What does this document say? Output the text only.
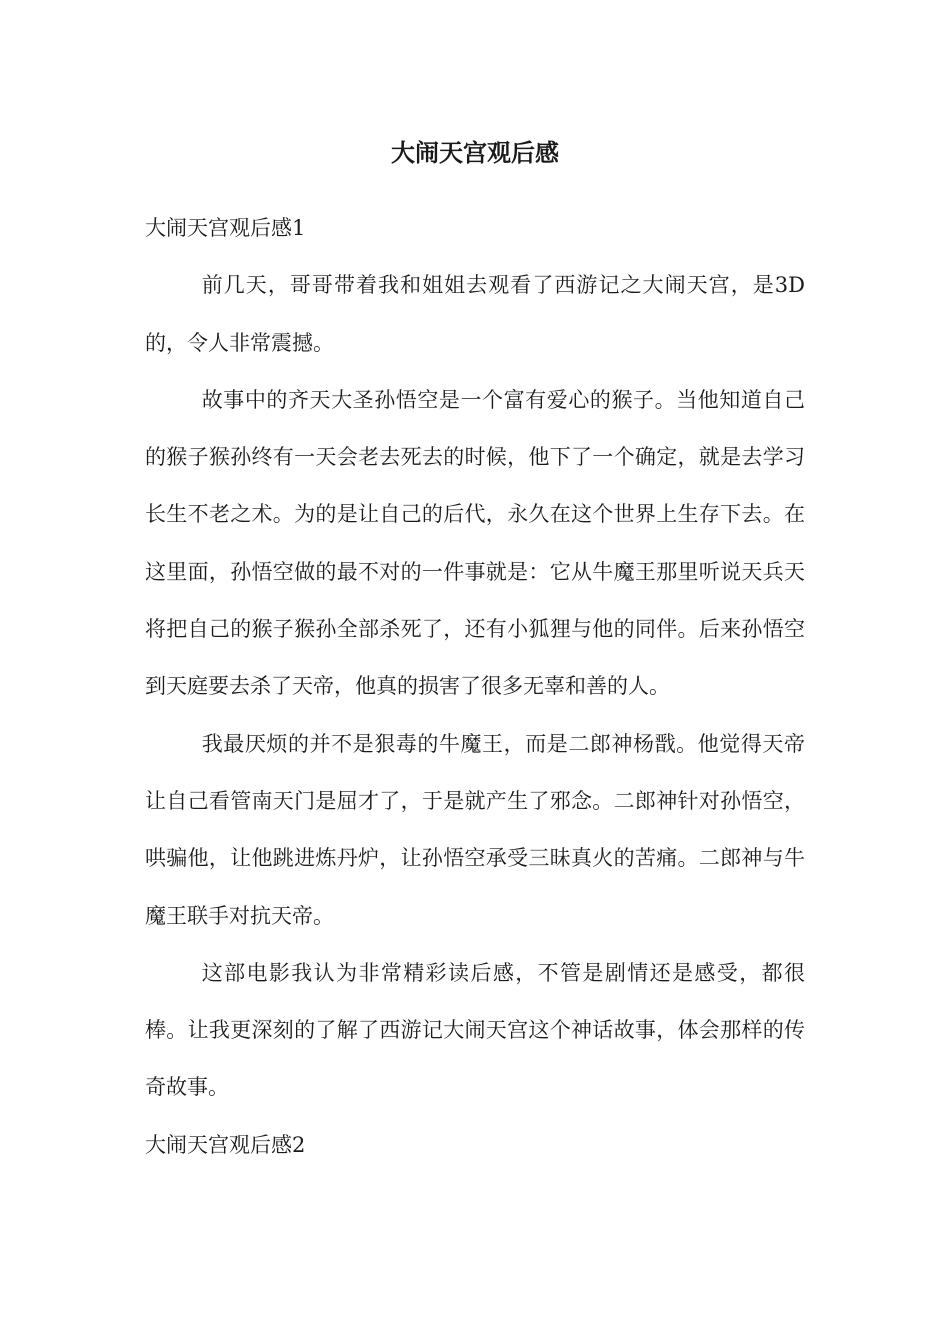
大闹天宫观后感

大闹天宫观后感1

前几天，哥哥带着我和姐姐去观看了西游记之大闹天宫，是3D的，令人非常震撼。

故事中的齐天大圣孙悟空是一个富有爱心的猴子。当他知道自己的猴子猴孙终有一天会老去死去的时候，他下了一个确定，就是去学习长生不老之术。为的是让自己的后代，永久在这个世界上生存下去。在这里面，孙悟空做的最不对的一件事就是：它从牛魔王那里听说天兵天将把自己的猴子猴孙全部杀死了，还有小狐狸与他的同伴。后来孙悟空到天庭要去杀了天帝，他真的损害了很多无辜和善的人。

我最厌烦的并不是狠毒的牛魔王，而是二郎神杨戬。他觉得天帝让自己看管南天门是屈才了，于是就产生了邪念。二郎神针对孙悟空，哄骗他，让他跳进炼丹炉，让孙悟空承受三昧真火的苦痛。二郎神与牛魔王联手对抗天帝。

这部电影我认为非常精彩读后感，不管是剧情还是感受，都很棒。让我更深刻的了解了西游记大闹天宫这个神话故事，体会那样的传奇故事。

大闹天宫观后感2
